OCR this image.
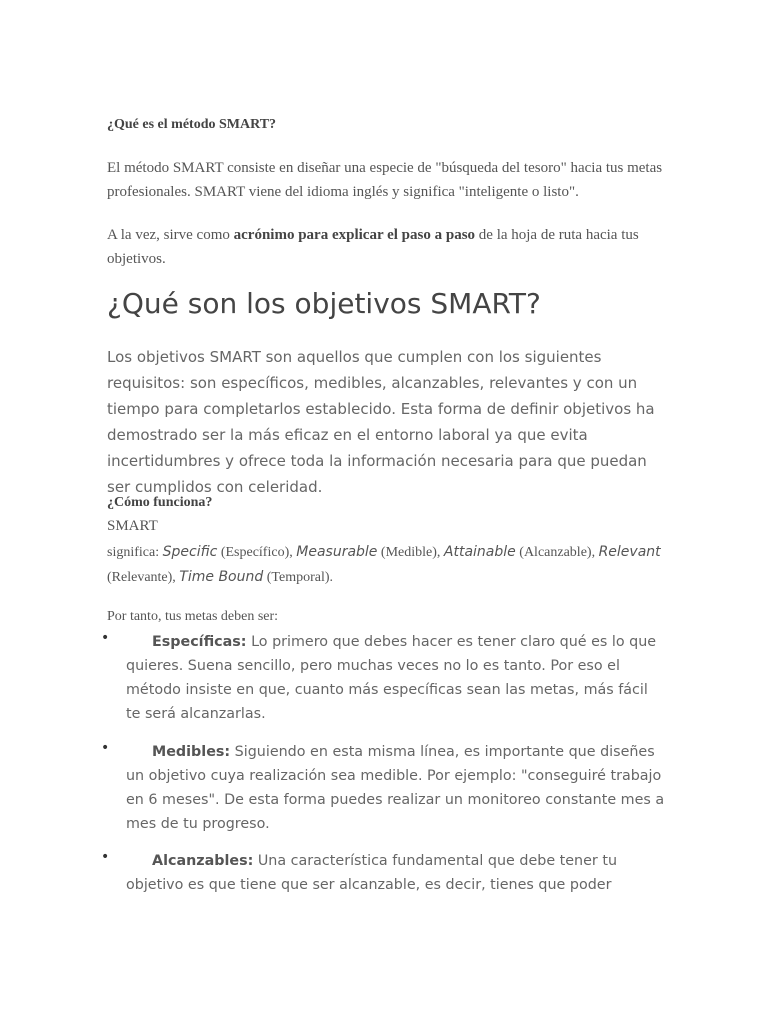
¿Qué es el método SMART?
El método SMART consiste en diseñar una especie de "búsqueda del tesoro" hacia tus metas profesionales. SMART viene del idioma inglés y significa "inteligente o listo".
A la vez, sirve como acrónimo para explicar el paso a paso de la hoja de ruta hacia tus objetivos.
¿Qué son los objetivos SMART?
Los objetivos SMART son aquellos que cumplen con los siguientes requisitos: son específicos, medibles, alcanzables, relevantes y con un tiempo para completarlos establecido. Esta forma de definir objetivos ha demostrado ser la más eficaz en el entorno laboral ya que evita incertidumbres y ofrece toda la información necesaria para que puedan ser cumplidos con celeridad.
¿Cómo funciona?
SMART
significa: Specific (Específico), Measurable (Medible), Attainable (Alcanzable), Relevant (Relevante), Time Bound (Temporal).
Por tanto, tus metas deben ser:
•	Específicas: Lo primero que debes hacer es tener claro qué es lo que quieres. Suena sencillo, pero muchas veces no lo es tanto. Por eso el método insiste en que, cuanto más específicas sean las metas, más fácil te será alcanzarlas.
•	Medibles: Siguiendo en esta misma línea, es importante que diseñes un objetivo cuya realización sea medible. Por ejemplo: "conseguiré trabajo en 6 meses". De esta forma puedes realizar un monitoreo constante mes a mes de tu progreso.
•	Alcanzables: Una característica fundamental que debe tener tu objetivo es que tiene que ser alcanzable, es decir, tienes que poder
